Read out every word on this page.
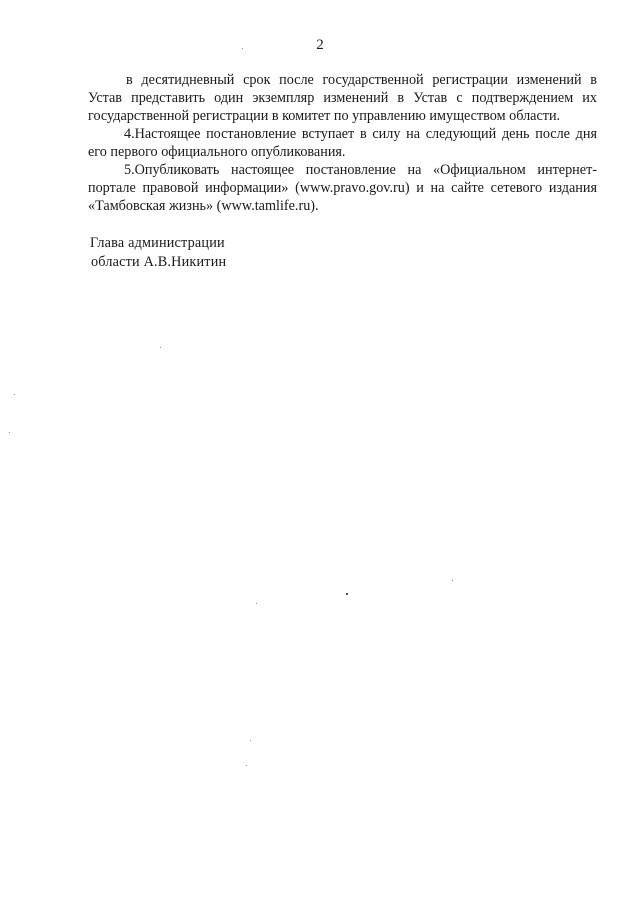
2

в десятидневный срок после государственной регистрации изменений в Устав представить один экземпляр изменений в Устав с подтверждением их государственной регистрации в комитет по управлению имуществом области.

4.Настоящее постановление вступает в силу на следующий день после дня его первого официального опубликования.

5.Опубликовать настоящее постановление на «Официальном интернет-портале правовой информации» (www.pravo.gov.ru) и на сайте сетевого издания «Тамбовская жизнь» (www.tamlife.ru).

Глава администрации
области А.В.Никитин
